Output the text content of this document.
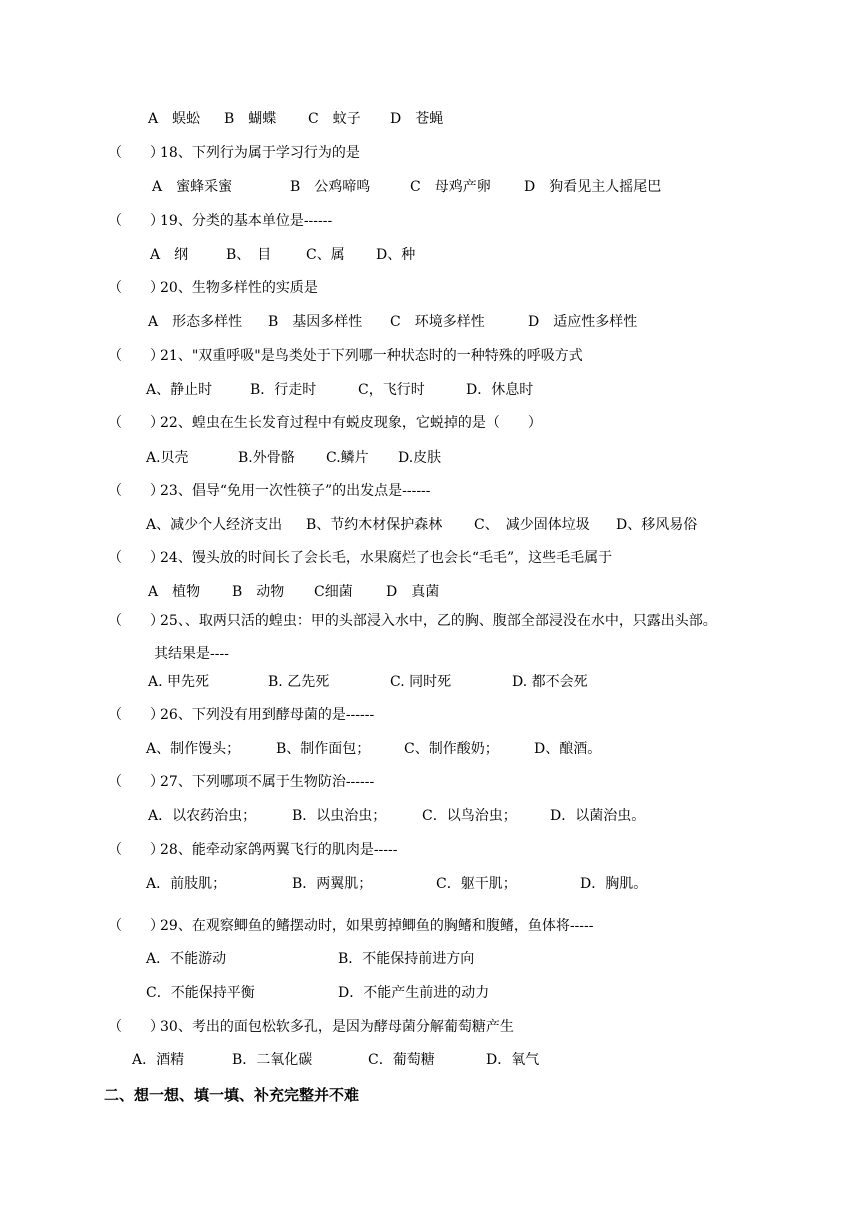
A　蜈蚣 B　蝴蝶 C　蚊子 D　苍蝇
（　　）
18、下列行为属于学习行为的是
A　蜜蜂采蜜	B　公鸡啼鸣	C　母鸡产卵 D　狗看见主人摇尾巴
（　　）
19、分类的基本单位是------
A　纲	B、　目 C、属 D、种
（　　）
20、生物多样性的实质是
A　形态多样性 B　基因多样性 C　环境多样性	D　适应性多样性
（　　）
21、"双重呼吸"是鸟类处于下列哪一种状态时的一种特殊的呼吸方式
A、静止时	B．行走时	C，飞行时	D．休息时
（　　）
22、蝗虫在生长发育过程中有蜕皮现象，它蜕掉的是（　　）
A.贝壳	B.外骨骼 C.鳞片 D.皮肤
（　　）
23、倡导“免用一次性筷子”的出发点是------
A、减少个人经济支出 B、节约木材保护森林 C、　减少固体垃圾 D、移风易俗
（　　）
24、馒头放的时间长了会长毛，水果腐烂了也会长“毛毛”，这些毛毛属于
A　植物 B　动物 C细菌 D　真菌
（　　）
25、、取两只活的蝗虫：甲的头部浸入水中，乙的胸、腹部全部浸没在水中，只露出头部。
其结果是----
A. 甲先死	B. 乙先死	C. 同时死	D. 都不会死
（　　）
26、下列没有用到酵母菌的是------
A、制作馒头；	B、制作面包； C、制作酸奶；	D、酿酒。
（　　）
27、下列哪项不属于生物防治------
A．以农药治虫；	B．以虫治虫；	C．以鸟治虫； D．以菌治虫。
（　　）
28、能牵动家鸽两翼飞行的肌肉是-----
A．前肢肌；	B．两翼肌；	C．躯干肌；	D．胸肌。
（　　）
29、在观察鲫鱼的鳍摆动时，如果剪掉鲫鱼的胸鳍和腹鳍，鱼体将-----
A．不能游动	B．不能保持前进方向
C．不能保持平衡	D．不能产生前进的动力
（　　）
30、考出的面包松软多孔，是因为酵母菌分解葡萄糖产生
A．酒精	B．二氧化碳	C．葡萄糖	D．氧气
二、想一想、填一填、补充完整并不难
